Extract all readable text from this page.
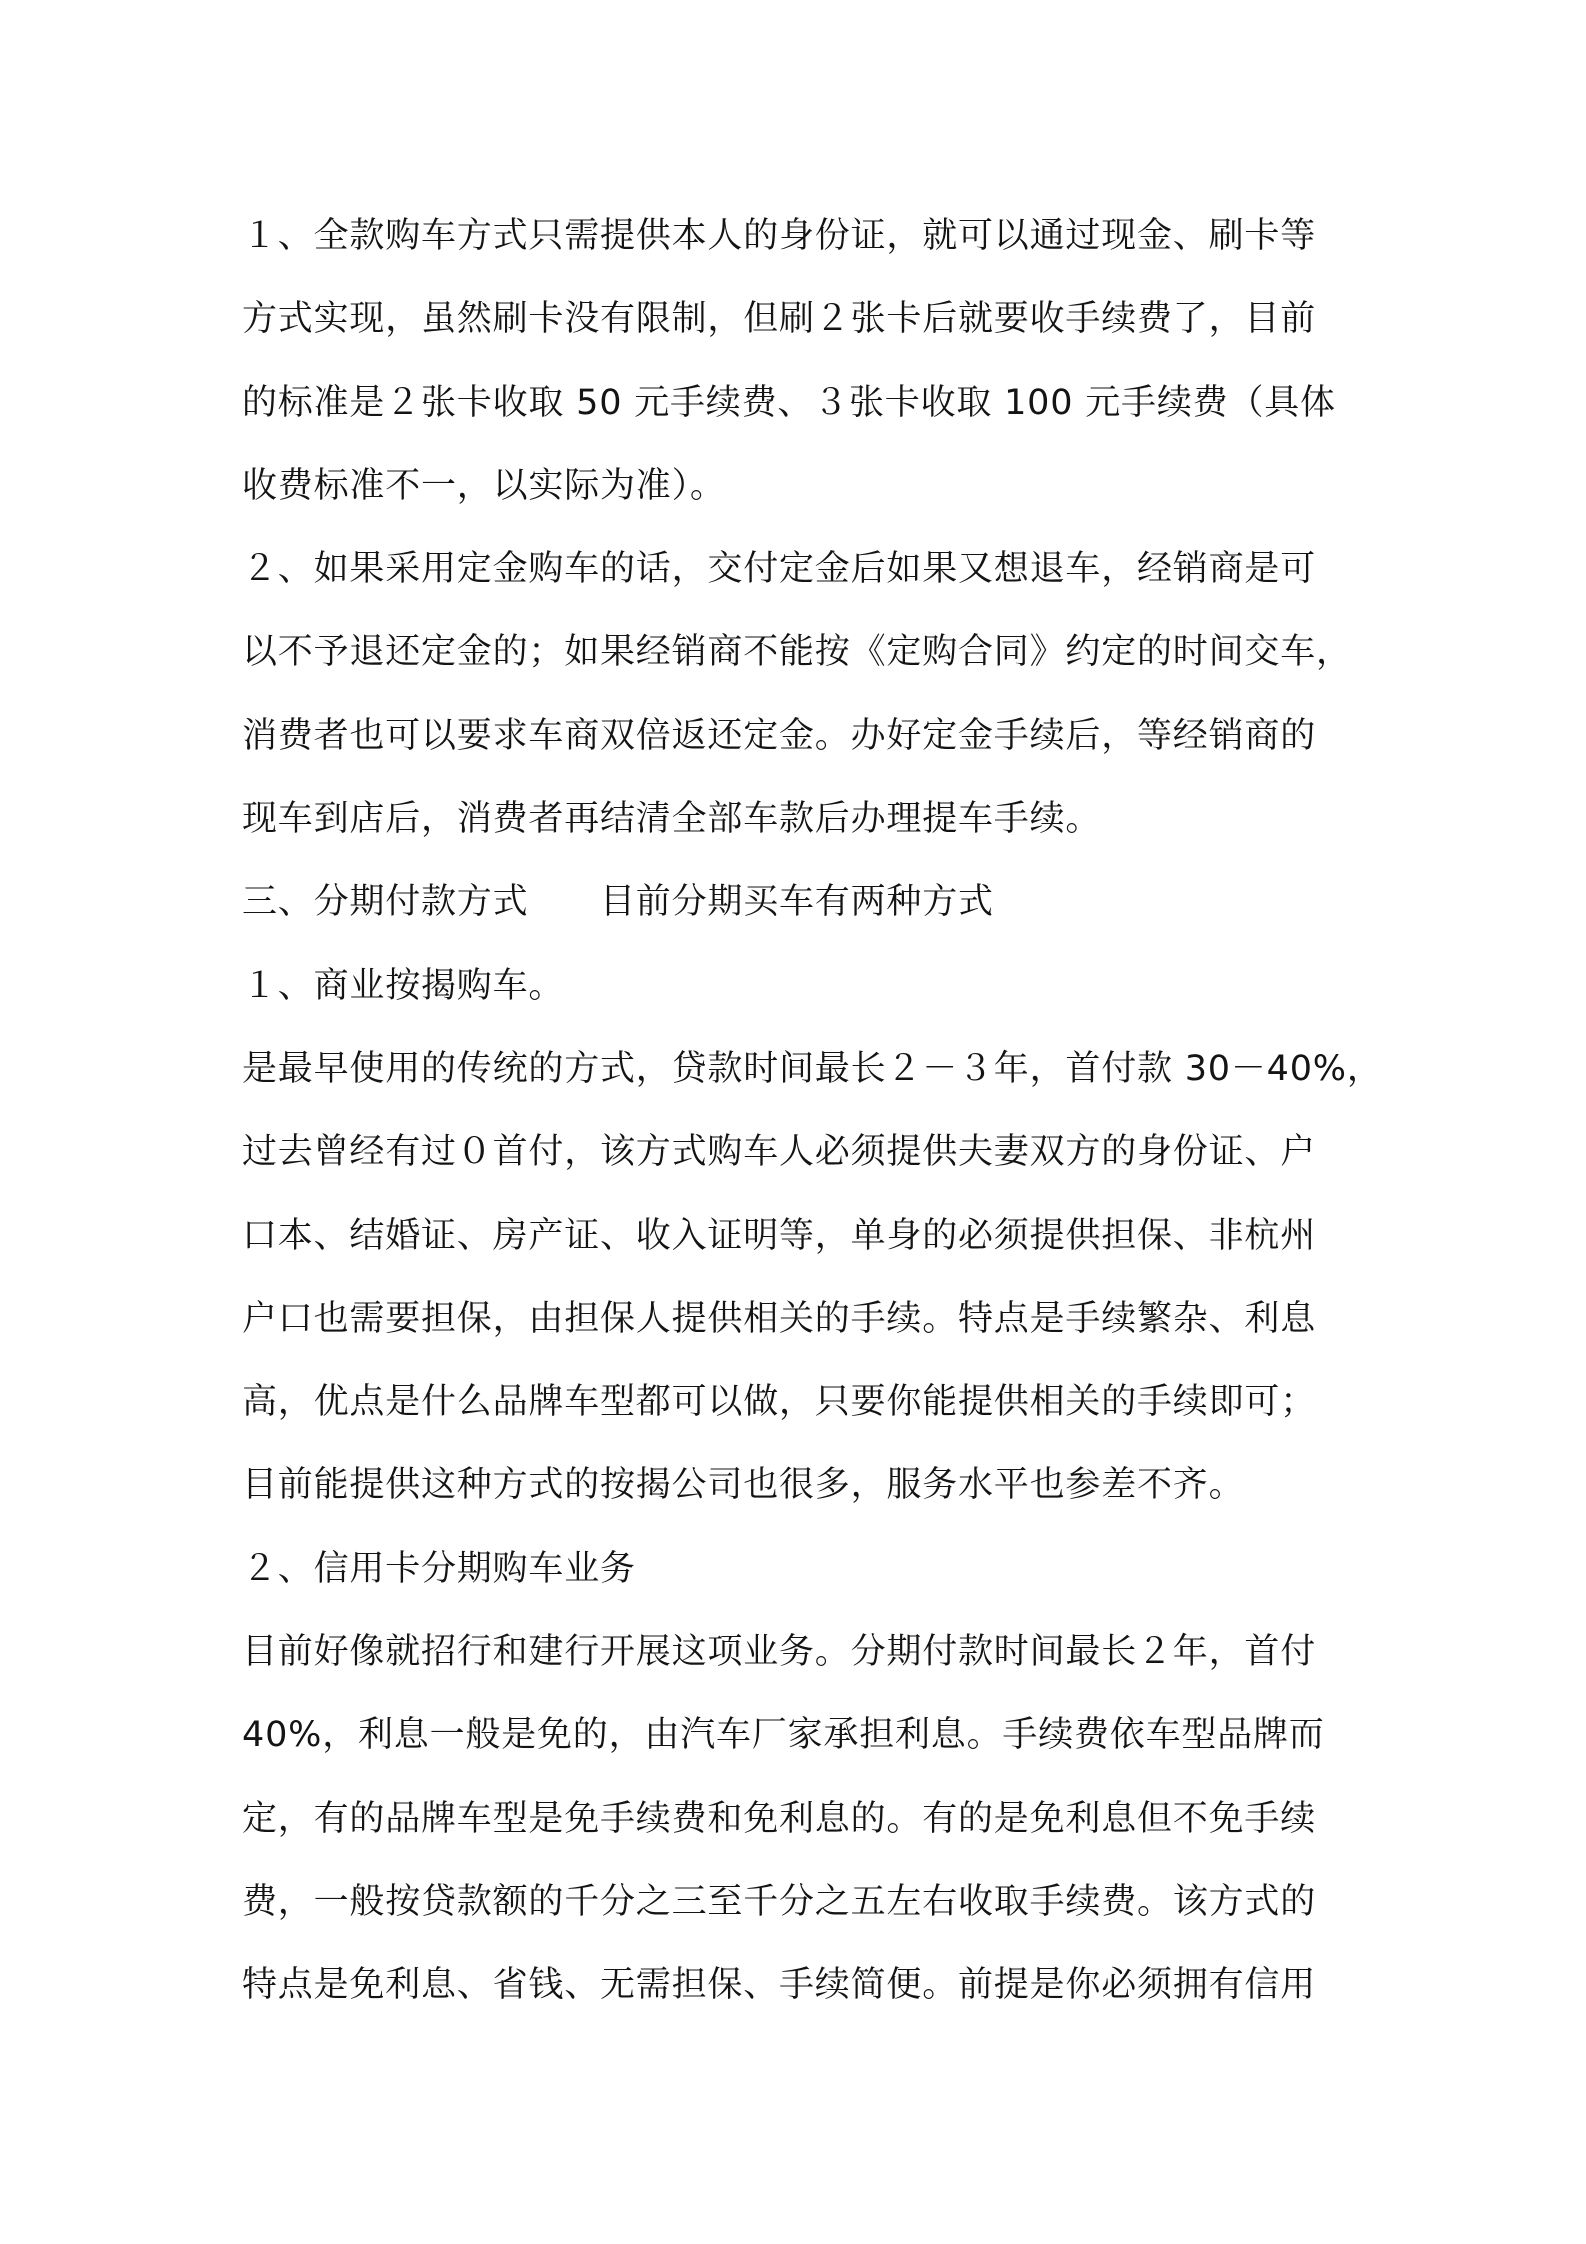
１、全款购车方式只需提供本人的身份证，就可以通过现金、刷卡等
方式实现，虽然刷卡没有限制，但刷２张卡后就要收手续费了，目前
的标准是２张卡收取 50 元手续费、３张卡收取 100 元手续费（具体
收费标准不一，以实际为准）。
２、如果采用定金购车的话，交付定金后如果又想退车，经销商是可
以不予退还定金的；如果经销商不能按《定购合同》约定的时间交车，
消费者也可以要求车商双倍返还定金。办好定金手续后，等经销商的
现车到店后，消费者再结清全部车款后办理提车手续。
三、分期付款方式　　目前分期买车有两种方式
１、商业按揭购车。
是最早使用的传统的方式，贷款时间最长２－３年，首付款 30－40%，
过去曾经有过０首付，该方式购车人必须提供夫妻双方的身份证、户
口本、结婚证、房产证、收入证明等，单身的必须提供担保、非杭州
户口也需要担保，由担保人提供相关的手续。特点是手续繁杂、利息
高，优点是什么品牌车型都可以做，只要你能提供相关的手续即可；
目前能提供这种方式的按揭公司也很多，服务水平也参差不齐。
２、信用卡分期购车业务
目前好像就招行和建行开展这项业务。分期付款时间最长２年，首付
40%，利息一般是免的，由汽车厂家承担利息。手续费依车型品牌而
定，有的品牌车型是免手续费和免利息的。有的是免利息但不免手续
费，一般按贷款额的千分之三至千分之五左右收取手续费。该方式的
特点是免利息、省钱、无需担保、手续简便。前提是你必须拥有信用
